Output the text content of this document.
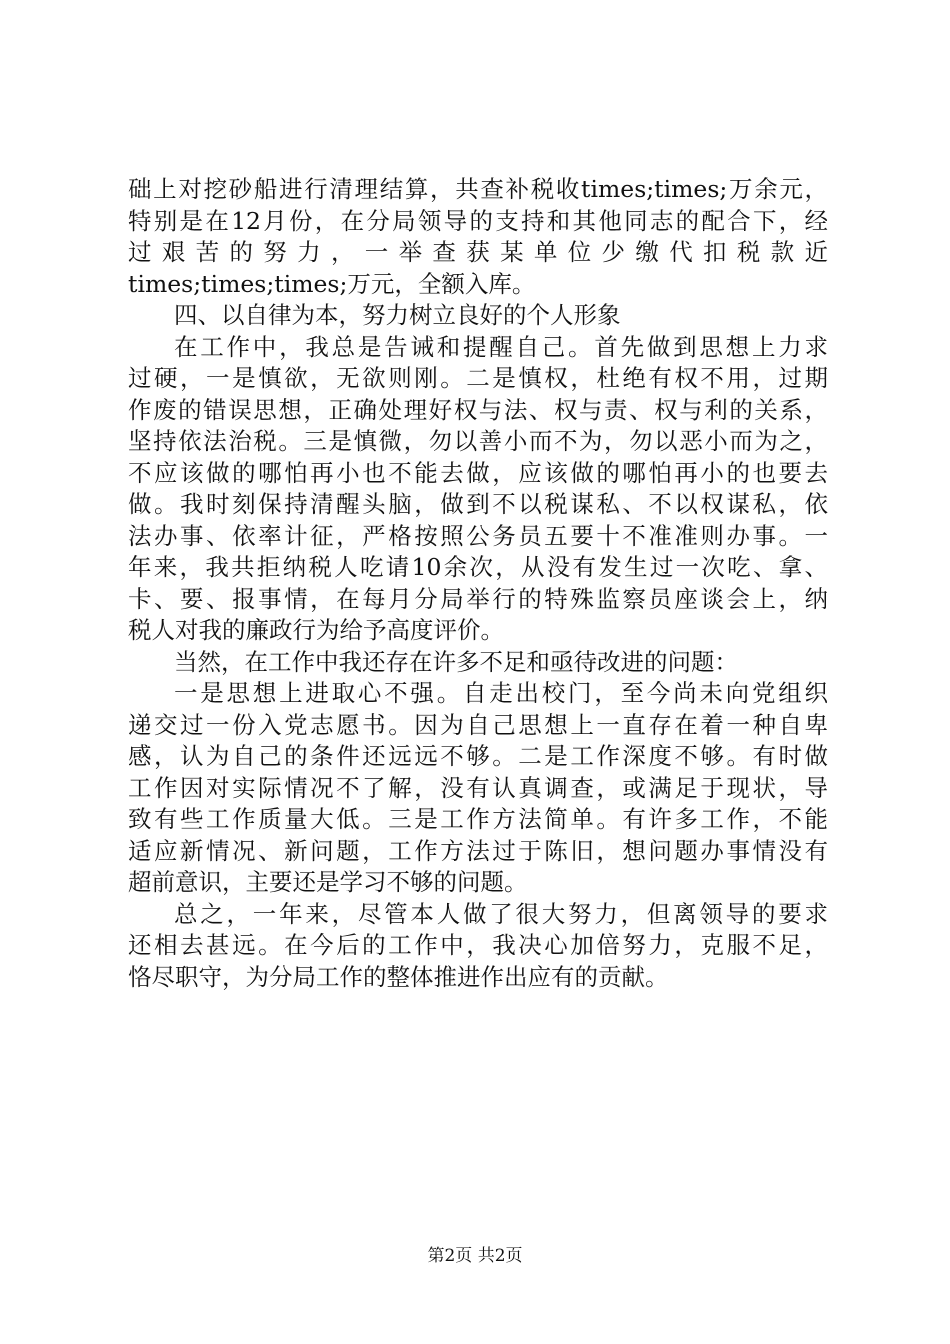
础上对挖砂船进行清理结算，共查补税收times;times;万余元，
特别是在12月份，在分局领导的支持和其他同志的配合下，经
过 艰 苦 的 努 力 ， 一 举 查 获 某 单 位 少 缴 代 扣 税 款 近
times;times;times;万元，全额入库。
四、以自律为本，努力树立良好的个人形象
在工作中，我总是告诫和提醒自己。首先做到思想上力求
过硬，一是慎欲，无欲则刚。二是慎权，杜绝有权不用，过期
作废的错误思想，正确处理好权与法、权与责、权与利的关系，
坚持依法治税。三是慎微，勿以善小而不为，勿以恶小而为之，
不应该做的哪怕再小也不能去做，应该做的哪怕再小的也要去
做。我时刻保持清醒头脑，做到不以税谋私、不以权谋私，依
法办事、依率计征，严格按照公务员五要十不准准则办事。一
年来，我共拒纳税人吃请10余次，从没有发生过一次吃、拿、
卡、要、报事情，在每月分局举行的特殊监察员座谈会上，纳
税人对我的廉政行为给予高度评价。
当然，在工作中我还存在许多不足和亟待改进的问题：
一是思想上进取心不强。自走出校门，至今尚未向党组织
递交过一份入党志愿书。因为自己思想上一直存在着一种自卑
感，认为自己的条件还远远不够。二是工作深度不够。有时做
工作因对实际情况不了解，没有认真调查，或满足于现状，导
致有些工作质量大低。三是工作方法简单。有许多工作，不能
适应新情况、新问题，工作方法过于陈旧，想问题办事情没有
超前意识，主要还是学习不够的问题。
总之，一年来，尽管本人做了很大努力，但离领导的要求
还相去甚远。在今后的工作中，我决心加倍努力，克服不足，
恪尽职守，为分局工作的整体推进作出应有的贡献。
第2页 共2页
